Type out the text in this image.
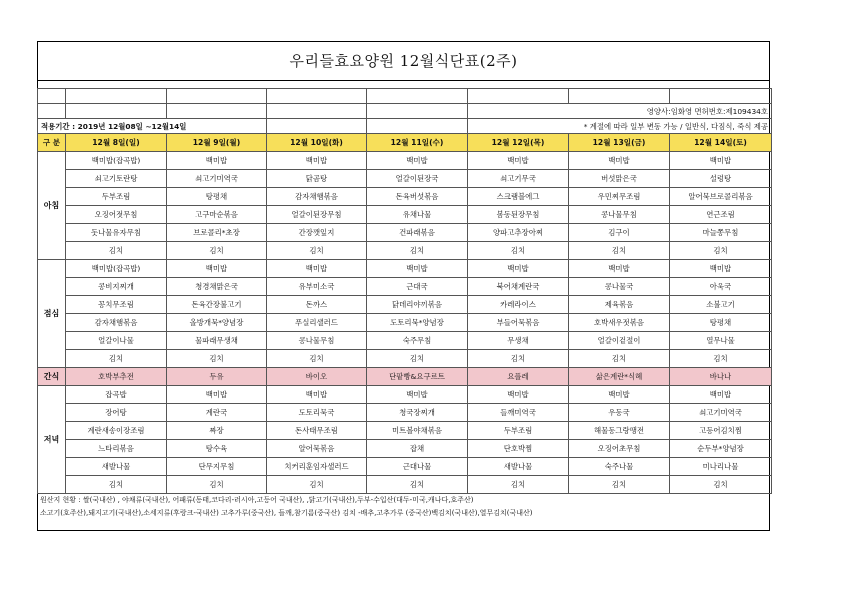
우리들효요양원 12월식단표(2주)

					영양사:임화영 면허번호:제109434호		
적용기간 : 2019년 12월08일 ~12월14일					* 계절에 따라 일부 변동 가능 / 일반식, 다짐식, 죽식 제공		
구 분	12월 8일(일)	12월 9일(월)	12월 10일(화)	12월 11일(수)	12월 12일(목)	12월 13일(금)	12월 14일(토)
아침	백미밥(잡곡밥)	백미밥	백미밥	백미밥	백미밥	백미밥	백미밥
	쇠고기토란탕	쇠고기미역국	닭곰탕	얼갈이된장국	쇠고기무국	버섯맑은국	설렁탕
	두부조림	탕평채	감자채햄볶음	돈육버섯볶음	스크램블에그	우민찌무조림	알어묵브로콜리볶음
	오징어젓무침	고구마순볶음	얼갈이된장무침	유채나물	봄동된장무침	콩나물무침	연근조림
	돗나물유자무침	브로콜리*초장	간장깻잎지	건파래볶음	양파고추장아찌	김구이	마늘쫑무침
	김치	김치	김치	김치	김치	김치	김치
점심	백미밥(잡곡밥)	백미밥	백미밥	백미밥	백미밥	백미밥	백미밥
	콩비지찌개	청경채맑은국	유부미소국	근대국	북어채계란국	콩나물국	아욱국
	꽁치무조림	돈육간장불고기	돈까스	닭데리야끼볶음	카레라이스	제육볶음	소불고기
	감자채햄볶음	올방개묵*양념장	푸실리샐러드	도토리묵*양념장	부들어묵볶음	호박새우젓볶음	탕평채
	얼갈이나물	물파래무생채	콩나물무침	숙주무침	무생채	얼갈이겉절이	열무나물
	김치	김치	김치	김치	김치	김치	김치
간식	호박부추전	두유	바이오	단팥빵&요구르트	요플레	삶은계란*식혜	바나나
저녁	잡곡밥	백미밥	백미밥	백미밥	백미밥	백미밥	백미밥
	장어탕	계란국	도토리묵국	청국장찌개	들깨미역국	우동국	쇠고기미역국
	계란새송이장조림	짜장	돈사태무조림	미트볼야채볶음	두부조림	해물동그랑땡전	고등어김치찜
	느타리볶음	탕수육	알어묵볶음	잡채	단호박찜	오징어초무침	순두부*양념장
	새발나물	단무지무침	치커리훈임자샐러드	근대나물	새발나물	숙주나물	미나리나물
	김치	김치	김치	김치	김치	김치	김치
원산지 현황 : 쌀(국내산) , 야채류(국내산), 어패류(동태,코다리-러시아,고등어 국내산), ,닭고기(국내산),두부-수입산(대두-미국,캐나다,호주산)
소고기(호주산),돼지고기(국내산),소세지류(후랑크-국내산) 고추가루(중국산), 들깨,참기름(중국산) 김치 -배추,고추가루 (중국산)백김치(국내산),열무김치(국내산)
